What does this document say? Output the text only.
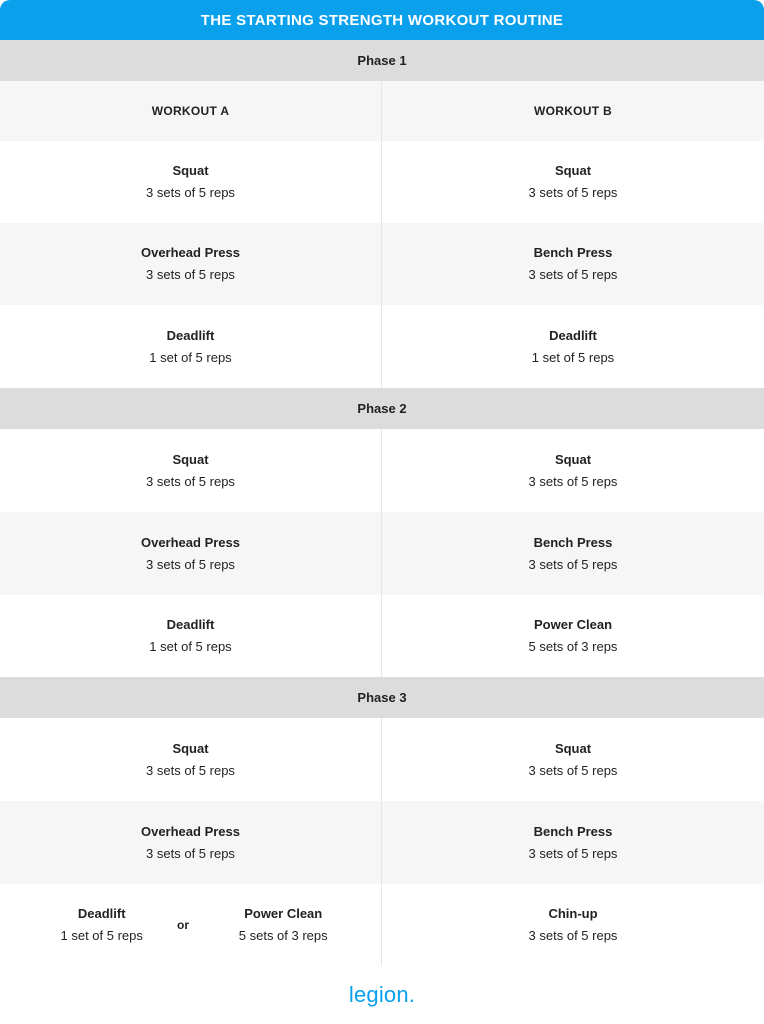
THE STARTING STRENGTH WORKOUT ROUTINE
Phase 1
WORKOUT A	WORKOUT B
Squat
3 sets of 5 reps
Squat
3 sets of 5 reps
Overhead Press
3 sets of 5 reps
Bench Press
3 sets of 5 reps
Deadlift
1 set of 5 reps
Deadlift
1 set of 5 reps
Phase 2
Squat
3 sets of 5 reps
Squat
3 sets of 5 reps
Overhead Press
3 sets of 5 reps
Bench Press
3 sets of 5 reps
Deadlift
1 set of 5 reps
Power Clean
5 sets of 3 reps
Phase 3
Squat
3 sets of 5 reps
Squat
3 sets of 5 reps
Overhead Press
3 sets of 5 reps
Bench Press
3 sets of 5 reps
Deadlift
1 set of 5 reps
or
Power Clean
5 sets of 3 reps
Chin-up
3 sets of 5 reps
legion .
